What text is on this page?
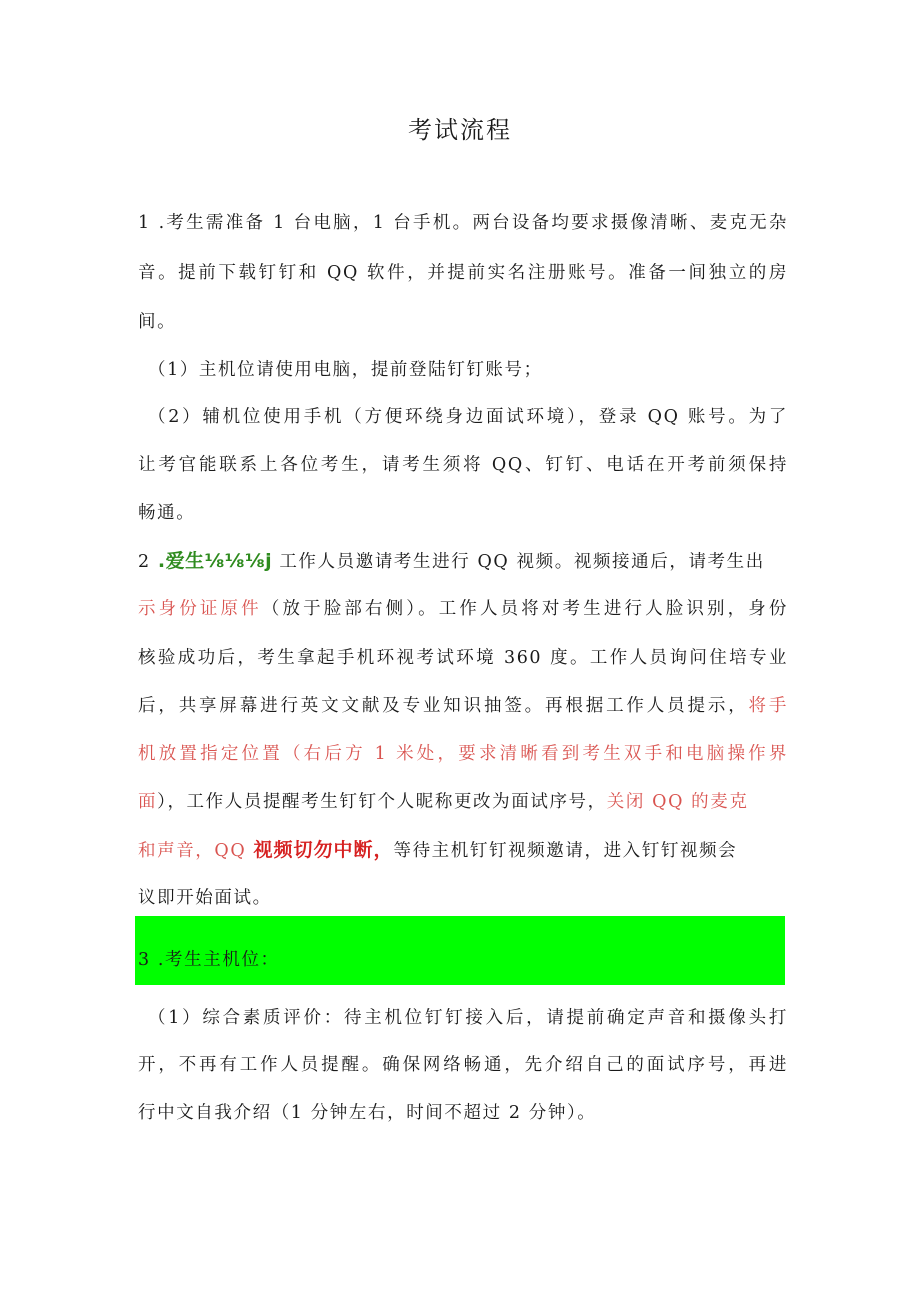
考试流程
1 .考生需准备 1 台电脑，1 台手机。两台设备均要求摄像清晰、麦克无杂
音。提前下载钉钉和 QQ 软件，并提前实名注册账号。准备一间独立的房
间。
（1）主机位请使用电脑，提前登陆钉钉账号；
（2）辅机位使用手机（方便环绕身边面试环境），登录 QQ 账号。为了
让考官能联系上各位考生，请考生须将 QQ、钉钉、电话在开考前须保持
畅通。
2 .爱生⅛⅛⅛j 工作人员邀请考生进行 QQ 视频。视频接通后，请考生出
示身份证原件（放于脸部右侧）。工作人员将对考生进行人脸识别，身份
核验成功后，考生拿起手机环视考试环境 360 度。工作人员询问住培专业
后，共享屏幕进行英文文献及专业知识抽签。再根据工作人员提示，将手
机放置指定位置（右后方 1 米处，要求清晰看到考生双手和电脑操作界
面），工作人员提醒考生钉钉个人昵称更改为面试序号，关闭 QQ 的麦克
和声音，QQ 视频切勿中断，等待主机钉钉视频邀请，进入钉钉视频会
议即开始面试。
3 .考生主机位：
（1）综合素质评价：待主机位钉钉接入后，请提前确定声音和摄像头打
开，不再有工作人员提醒。确保网络畅通，先介绍自己的面试序号，再进
行中文自我介绍（1 分钟左右，时间不超过 2 分钟）。
